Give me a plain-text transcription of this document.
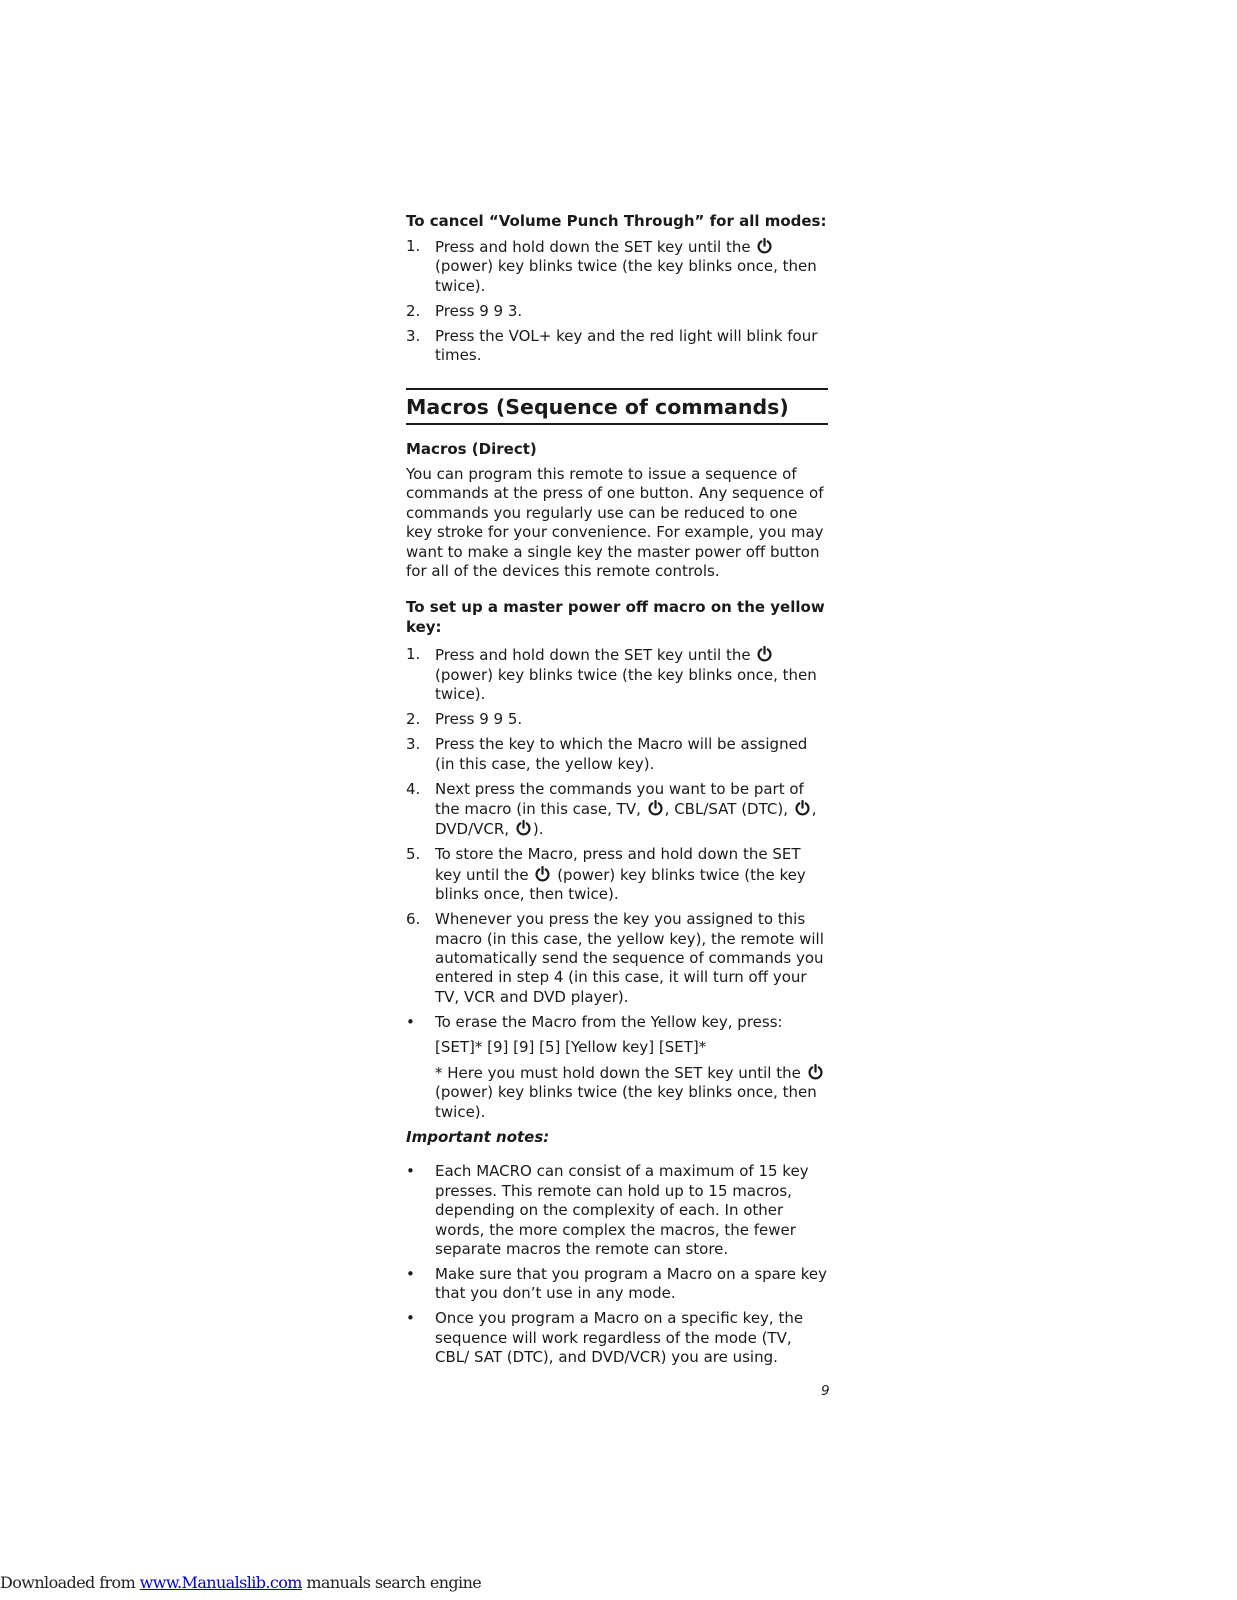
To cancel “Volume Punch Through” for all modes:

1. Press and hold down the SET key until the
(power) key blinks twice (the key blinks once, then twice).
2. Press 9 9 3.
3. Press the VOL+ key and the red light will blink four times.
Macros (Sequence of commands)

Macros (Direct)

You can program this remote to issue a sequence of commands at the press of one button. Any sequence of commands you regularly use can be reduced to one key stroke for your convenience. For example, you may want to make a single key the master power off button for all of the devices this remote controls.

To set up a master power off macro on the yellow key:

1. Press and hold down the SET key until the
(power) key blinks twice (the key blinks once, then twice).
2. Press 9 9 5.
3. Press the key to which the Macro will be assigned (in this case, the yellow key).
4. Next press the commands you want to be part of the macro (in this case, TV, , CBL/SAT (DTC), , DVD/VCR, ).
5. To store the Macro, press and hold down the SET key until the (power) key blinks twice (the key blinks once, then twice).
6. Whenever you press the key you assigned to this macro (in this case, the yellow key), the remote will automatically send the sequence of commands you entered in step 4 (in this case, it will turn off your TV, VCR and DVD player).
•	To erase the Macro from the Yellow key, press:
[SET]* [9] [9] [5] [Yellow key] [SET]*
* Here you must hold down the SET key until the
(power) key blinks twice (the key blinks once, then twice).

Important notes:

•	Each MACRO can consist of a maximum of 15 key presses. This remote can hold up to 15 macros, depending on the complexity of each. In other words, the more complex the macros, the fewer separate macros the remote can store.
•	Make sure that you program a Macro on a spare key that you don’t use in any mode.
•	Once you program a Macro on a specific key, the sequence will work regardless of the mode (TV, CBL/ SAT (DTC), and DVD/VCR) you are using.
9
Downloaded from www.Manualslib.com manuals search engine
